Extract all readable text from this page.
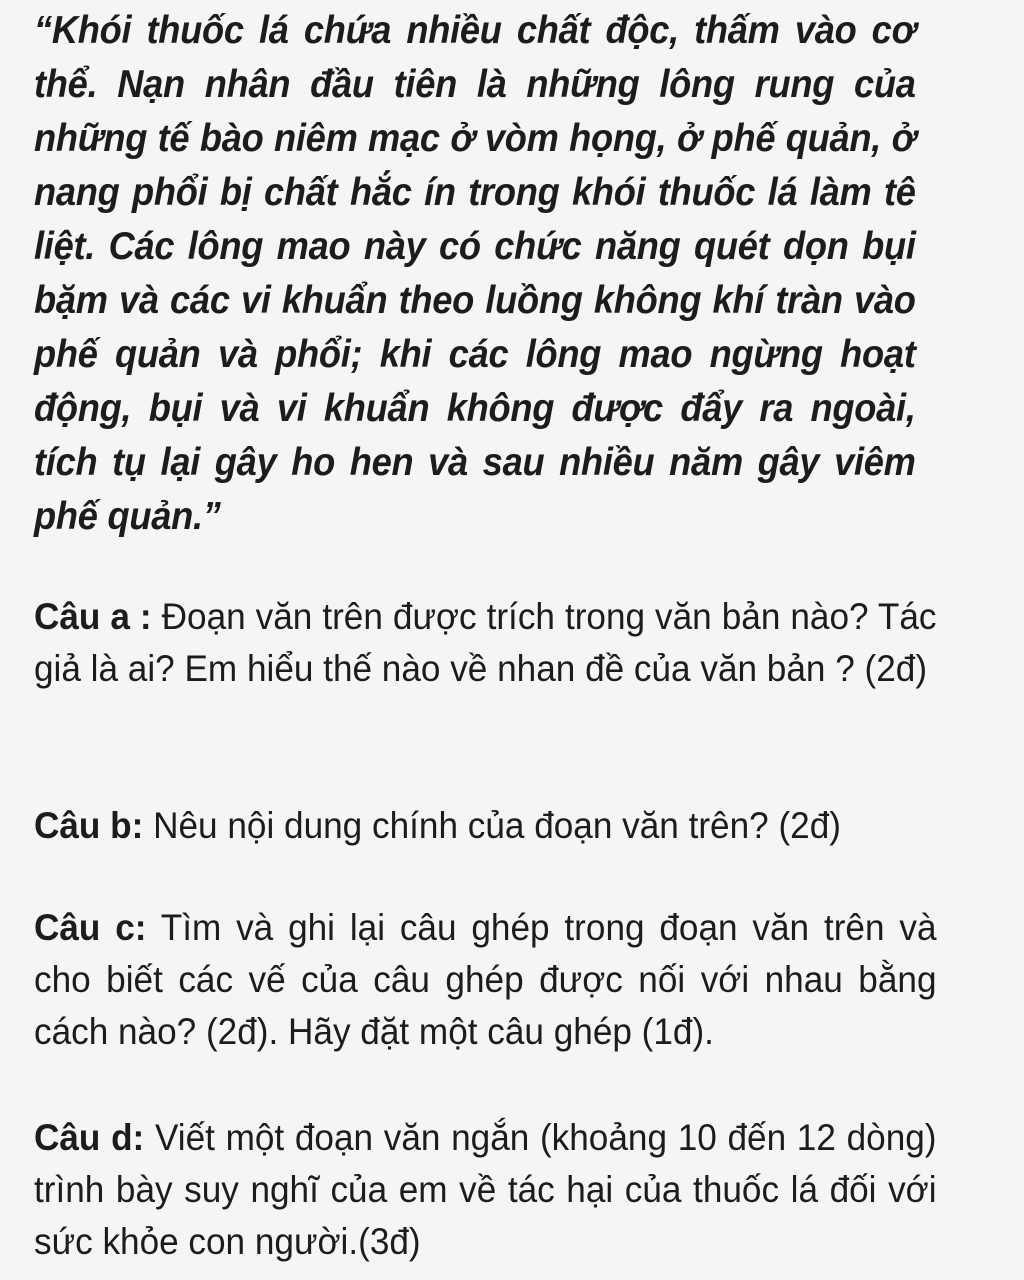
“Khói thuốc lá chứa nhiều chất độc, thấm vào cơ thể. Nạn nhân đầu tiên là những lông rung của những tế bào niêm mạc ở vòm họng, ở phế quản, ở nang phổi bị chất hắc ín trong khói thuốc lá làm tê liệt. Các lông mao này có chức năng quét dọn bụi bặm và các vi khuẩn theo luồng không khí tràn vào phế quản và phổi; khi các lông mao ngừng hoạt động, bụi và vi khuẩn không được đẩy ra ngoài, tích tụ lại gây ho hen và sau nhiều năm gây viêm phế quản.”

Câu a : Đoạn văn trên được trích trong văn bản nào? Tác giả là ai? Em hiểu thế nào về nhan đề của văn bản ? (2đ)

Câu b: Nêu nội dung chính của đoạn văn trên? (2đ)

Câu c: Tìm và ghi lại câu ghép trong đoạn văn trên và cho biết các vế của câu ghép được nối với nhau bằng cách nào? (2đ). Hãy đặt một câu ghép (1đ).

Câu d: Viết một đoạn văn ngắn (khoảng 10 đến 12 dòng) trình bày suy nghĩ của em về tác hại của thuốc lá đối với sức khỏe con người.(3đ)
